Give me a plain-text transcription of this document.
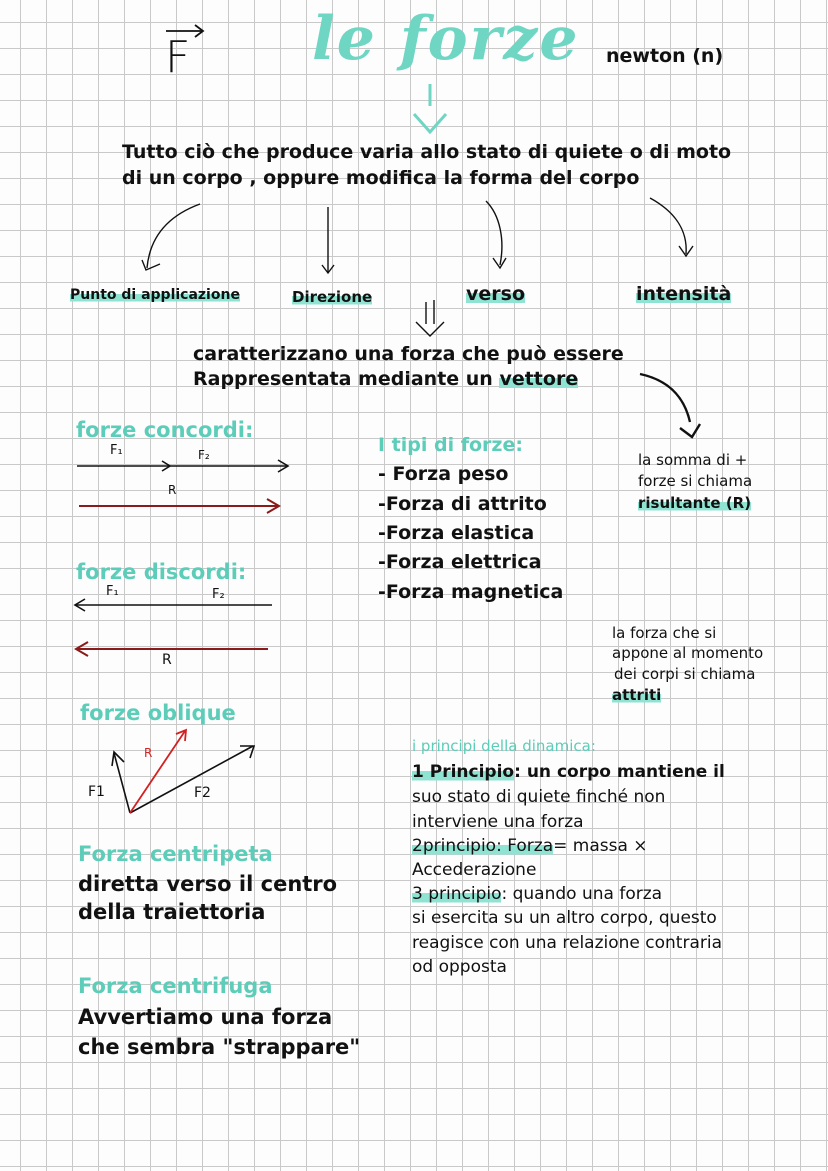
F le forze newton (n)
Tutto ciò che produce varia allo stato di quiete o di moto
di un corpo , oppure modifica la forma del corpo
Punto di applicazione	Direzione	verso	intensità
caratterizzano una forza che può essere
Rappresentata mediante un vettore
la somma di +
forze si chiama
risultante (R)
forze concordi:
F₁	F₂
R
forze discordi:
F₁	F₂
R
forze oblique
F1	F2
R
I tipi di forze:
- Forza peso
-Forza di attrito
-Forza elastica
-Forza elettrica
-Forza magnetica
la forza che si
appone al momento
dei corpi si chiama
attriti
Forza centripeta
diretta verso il centro
della traiettoria
Forza centrifuga
Avvertiamo una forza
che sembra "strappare"
i principi della dinamica:
1 Principio: un corpo mantiene il
suo stato di quiete finché non
interviene una forza
2principio: Forza= massa ×
Accederazione
3 principio: quando una forza
si esercita su un altro corpo, questo
reagisce con una relazione contraria
od opposta
